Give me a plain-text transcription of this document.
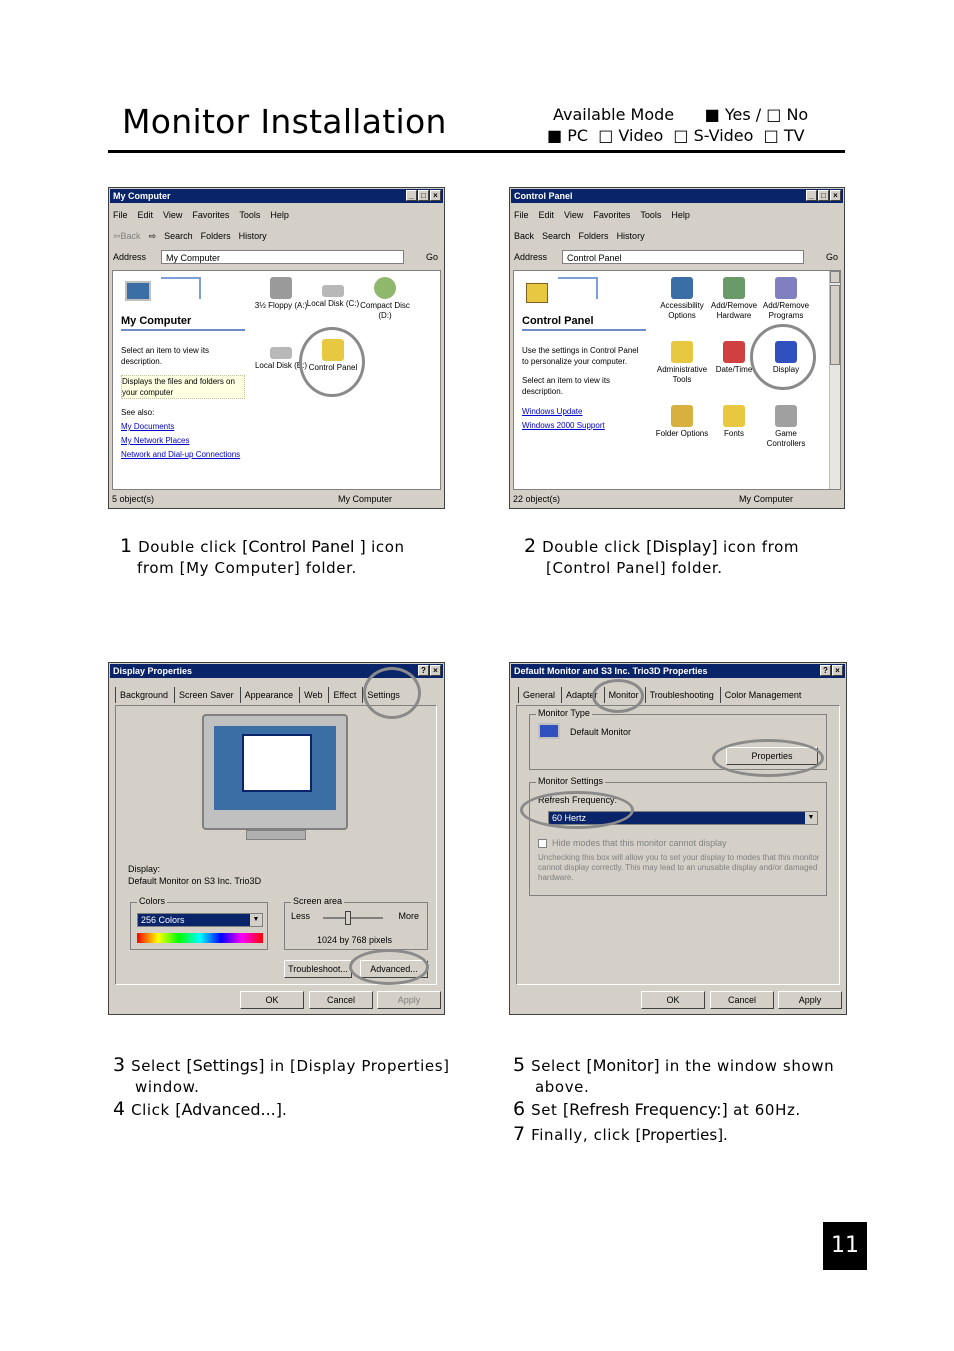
Monitor Installation	Available Mode ■ Yes / □ No
■ PC □ Video □ S-Video □ TV
My Computer	_ □ ×
File Edit View Favorites Tools Help
⇦Back ⇨ Search Folders History
Address	My Computer	Go
My Computer

Select an item to view its description.

Displays the files and folders on your computer

See also:

My Documents
My Network Places
Network and Dial-up Connections
3½ Floppy (A:) Local Disk (C:) Compact Disc (D:)
Local Disk (E:) Control Panel
5 object(s)	My Computer
Control Panel	_ □ ×
File Edit View Favorites Tools Help
Back Search Folders History
Address	Control Panel	Go
Control Panel

Use the settings in Control Panel to personalize your computer.

Select an item to view its description.

Windows Update
Windows 2000 Support
Accessibility Options
Add/Remove Hardware
Add/Remove Programs
Administrative Tools
Date/Time	Display
Folder Options	Fonts	Game Controllers
22 object(s)	My Computer
Display Properties	? ×
Background Screen Saver Appearance Web Effect Settings
Display:
Default Monitor on S3 Inc. Trio3D
Colors
256 Colors	▼
Screen area
Less	More
1024 by 768 pixels
Troubleshoot...	Advanced...
OK	Cancel	Apply
Default Monitor and S3 Inc. Trio3D Properties	? ×
General Adapter Monitor Troubleshooting Color Management
Monitor Type
Default Monitor
Properties
Monitor Settings
Refresh Frequency:
60 Hertz	▼
Hide modes that this monitor cannot display
Unchecking this box will allow you to set your display to modes that this monitor cannot display correctly. This may lead to an unusable display and/or damaged hardware.
OK	Cancel	Apply
1 Double click [Control Panel ] icon
from [My Computer] folder.
2 Double click [Display] icon from
[Control Panel] folder.
3 Select [Settings] in [Display Properties]
window.
4 Click [Advanced...].
5 Select [Monitor] in the window shown
above.
6 Set [Refresh Frequency:] at 60Hz.
7 Finally, click [Properties].
11
